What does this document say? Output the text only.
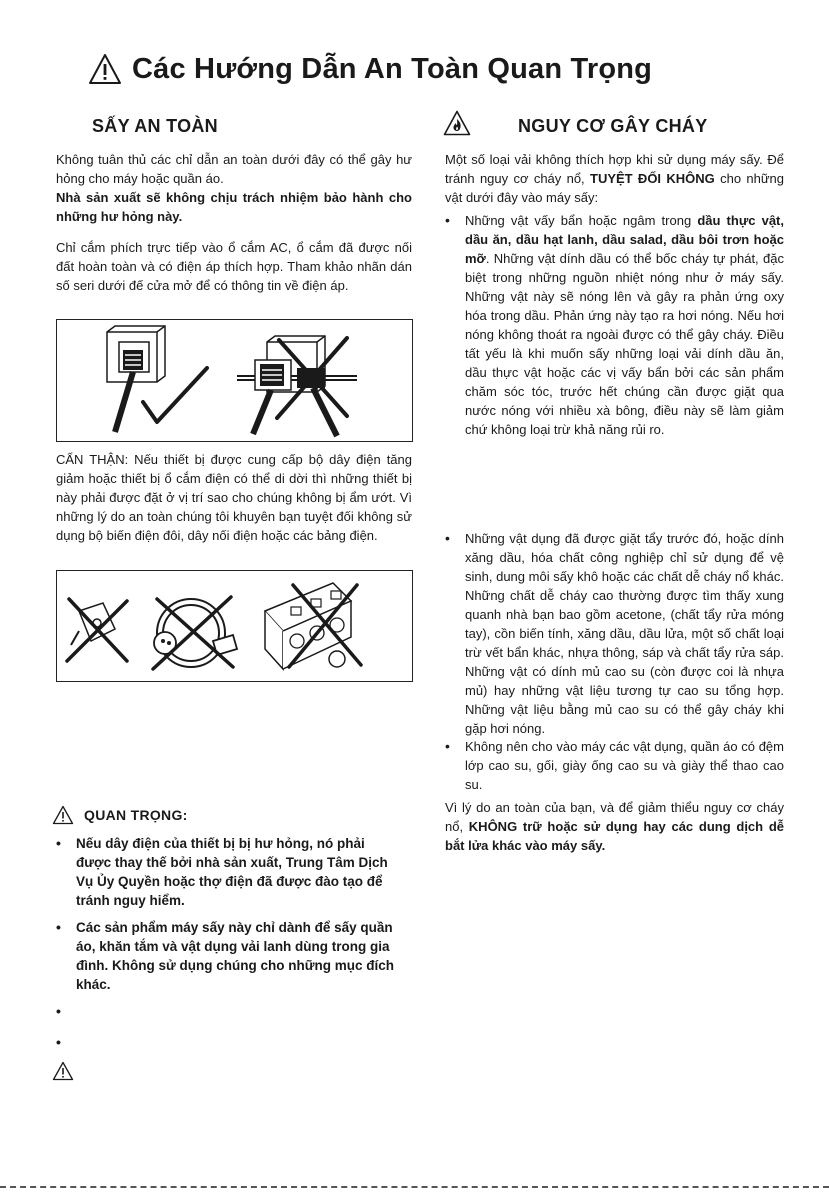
Các Hướng Dẫn An Toàn Quan Trọng
SẤY AN TOÀN
Không tuân thủ các chỉ dẫn an toàn dưới đây có thể gây hư hỏng cho máy hoặc quần áo.
Nhà sản xuất sẽ không chịu trách nhiệm bảo hành cho những hư hỏng này.
Chỉ cắm phích trực tiếp vào ổ cắm AC, ổ cắm đã được nối đất hoàn toàn và có điện áp thích hợp. Tham khảo nhãn dán số seri dưới đế cửa mở để có thông tin về điện áp.
CẨN THẬN: Nếu thiết bị được cung cấp bộ dây điện tăng giảm hoặc thiết bị ổ cắm điện có thể di dời thì những thiết bị này phải được đặt ở vị trí sao cho chúng không bị ẩm ướt. Vì những lý do an toàn chúng tôi khuyên bạn tuyệt đối không sử dụng bộ biến điện đôi, dây nối điện hoặc các bảng điện.
QUAN TRỌNG:
• Nếu dây điện của thiết bị bị hư hỏng, nó phải được thay thế bởi nhà sản xuất, Trung Tâm Dịch Vụ Ủy Quyền hoặc thợ điện đã được đào tạo để tránh nguy hiểm.
• Các sản phẩm máy sấy này chỉ dành để sấy quần áo, khăn tắm và vật dụng vải lanh dùng trong gia đình. Không sử dụng chúng cho những mục đích khác.
•
•
NGUY CƠ GÂY CHÁY
Một số loại vải không thích hợp khi sử dụng máy sấy. Để tránh nguy cơ cháy nổ, TUYỆT ĐỐI KHÔNG cho những vật dưới đây vào máy sấy:
• Những vật vấy bẩn hoặc ngâm trong dầu thực vật, dầu ăn, dầu hạt lanh, dầu salad, dầu bôi trơn hoặc mỡ. Những vật dính dầu có thể bốc cháy tự phát, đặc biệt trong những nguồn nhiệt nóng như ở máy sấy. Những vật này sẽ nóng lên và gây ra phản ứng oxy hóa trong dầu. Phản ứng này tạo ra hơi nóng. Nếu hơi nóng không thoát ra ngoài được có thể gây cháy. Điều tất yếu là khi muốn sấy những loại vải dính dầu ăn, dầu thực vật hoặc các vị vấy bẩn bởi các sản phẩm chăm sóc tóc, trước hết chúng cần được giặt qua nước nóng với nhiều xà bông, điều này sẽ làm giảm chứ không loại trừ khả năng rủi ro.
• Những vật dụng đã được giặt tẩy trước đó, hoặc dính xăng dầu, hóa chất công nghiệp chỉ sử dụng để vệ sinh, dung môi sấy khô hoặc các chất dễ cháy nổ khác. Những chất dễ cháy cao thường được tìm thấy xung quanh nhà bạn bao gồm acetone, (chất tẩy rửa móng tay), cồn biến tính, xăng dầu, dầu lửa, một số chất loại trừ vết bẩn khác, nhựa thông, sáp và chất tẩy rửa sáp. Những vật có dính mủ cao su (còn được coi là nhựa mủ) hay những vật liệu tương tự cao su tổng hợp. Những vật liệu bằng mủ cao su có thể gây cháy khi gặp hơi nóng.
• Không nên cho vào máy các vật dụng, quần áo có đệm lớp cao su, gối, giày ống cao su và giày thể thao cao su.
Vì lý do an toàn của bạn, và để giảm thiểu nguy cơ cháy nổ, KHÔNG trữ hoặc sử dụng hay các dung dịch dễ bắt lửa khác vào máy sấy.
